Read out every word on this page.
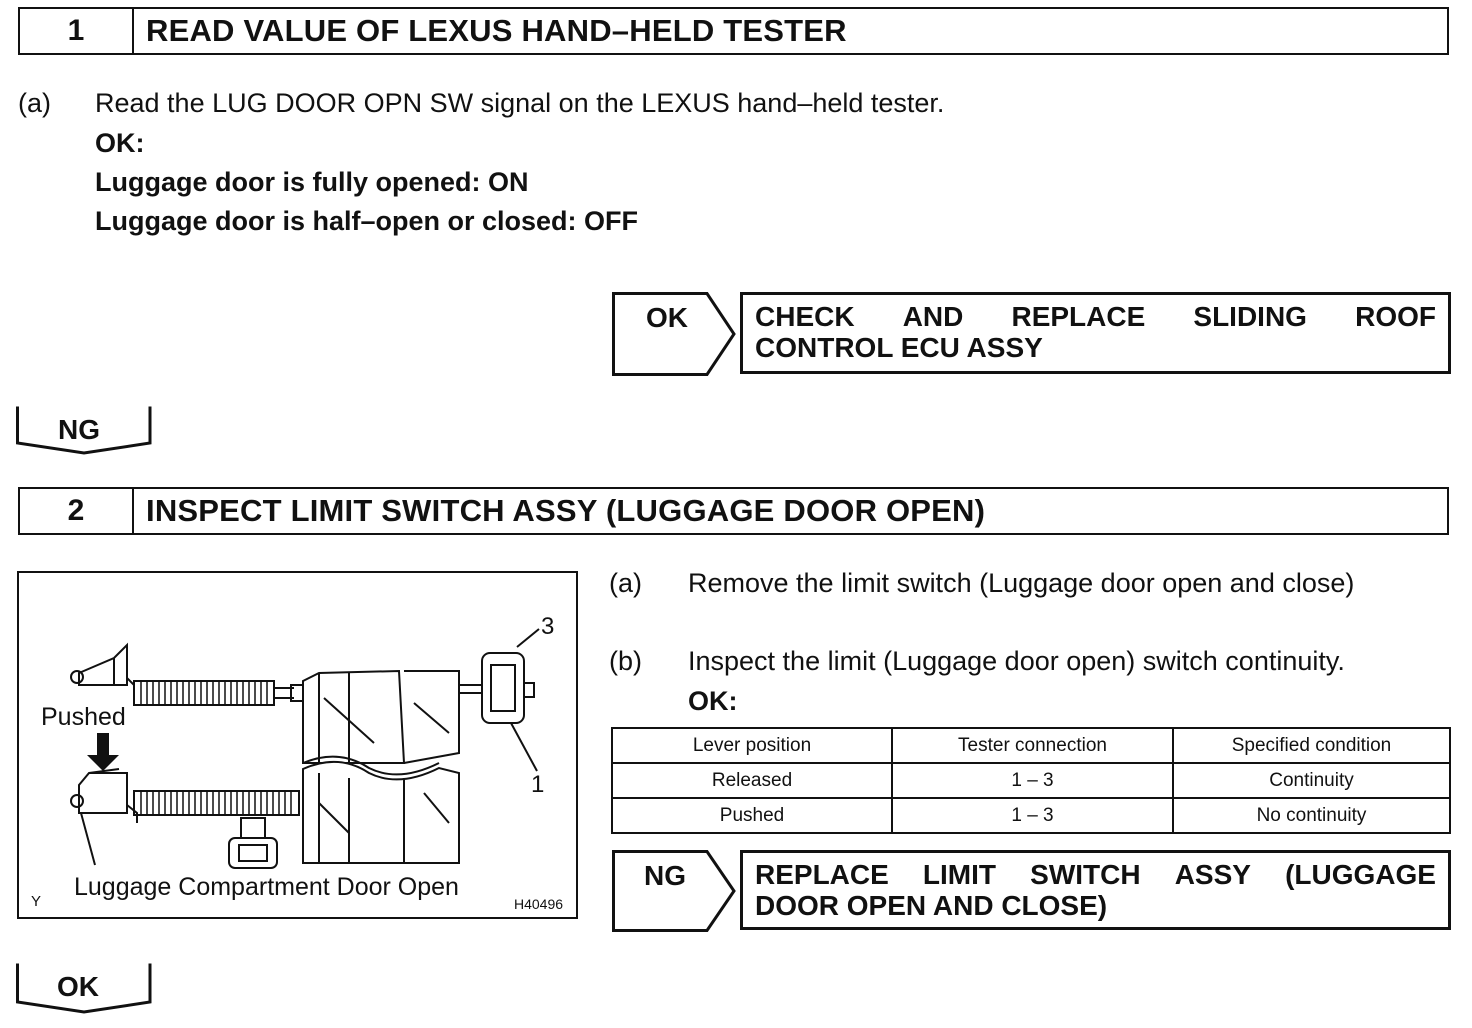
1	READ VALUE OF LEXUS HAND–HELD TESTER
(a) Read the LUG DOOR OPN SW signal on the LEXUS hand–held tester.
OK:
Luggage door is fully opened: ON
Luggage door is half–open or closed: OFF
OK CHECK AND REPLACE SLIDING ROOF
CONTROL ECU ASSY
NG
2	INSPECT LIMIT SWITCH ASSY (LUGGAGE DOOR OPEN)
Pushed
3
1
Luggage Compartment Door Open
Y	H40496
(a) Remove the limit switch (Luggage door open and close)
(b) Inspect the limit (Luggage door open) switch continuity.
OK:
Lever position	Tester connection	Specified condition
Released	1 – 3	Continuity
Pushed	1 – 3	No continuity
NG REPLACE LIMIT SWITCH ASSY (LUGGAGE
DOOR OPEN AND CLOSE)
OK
